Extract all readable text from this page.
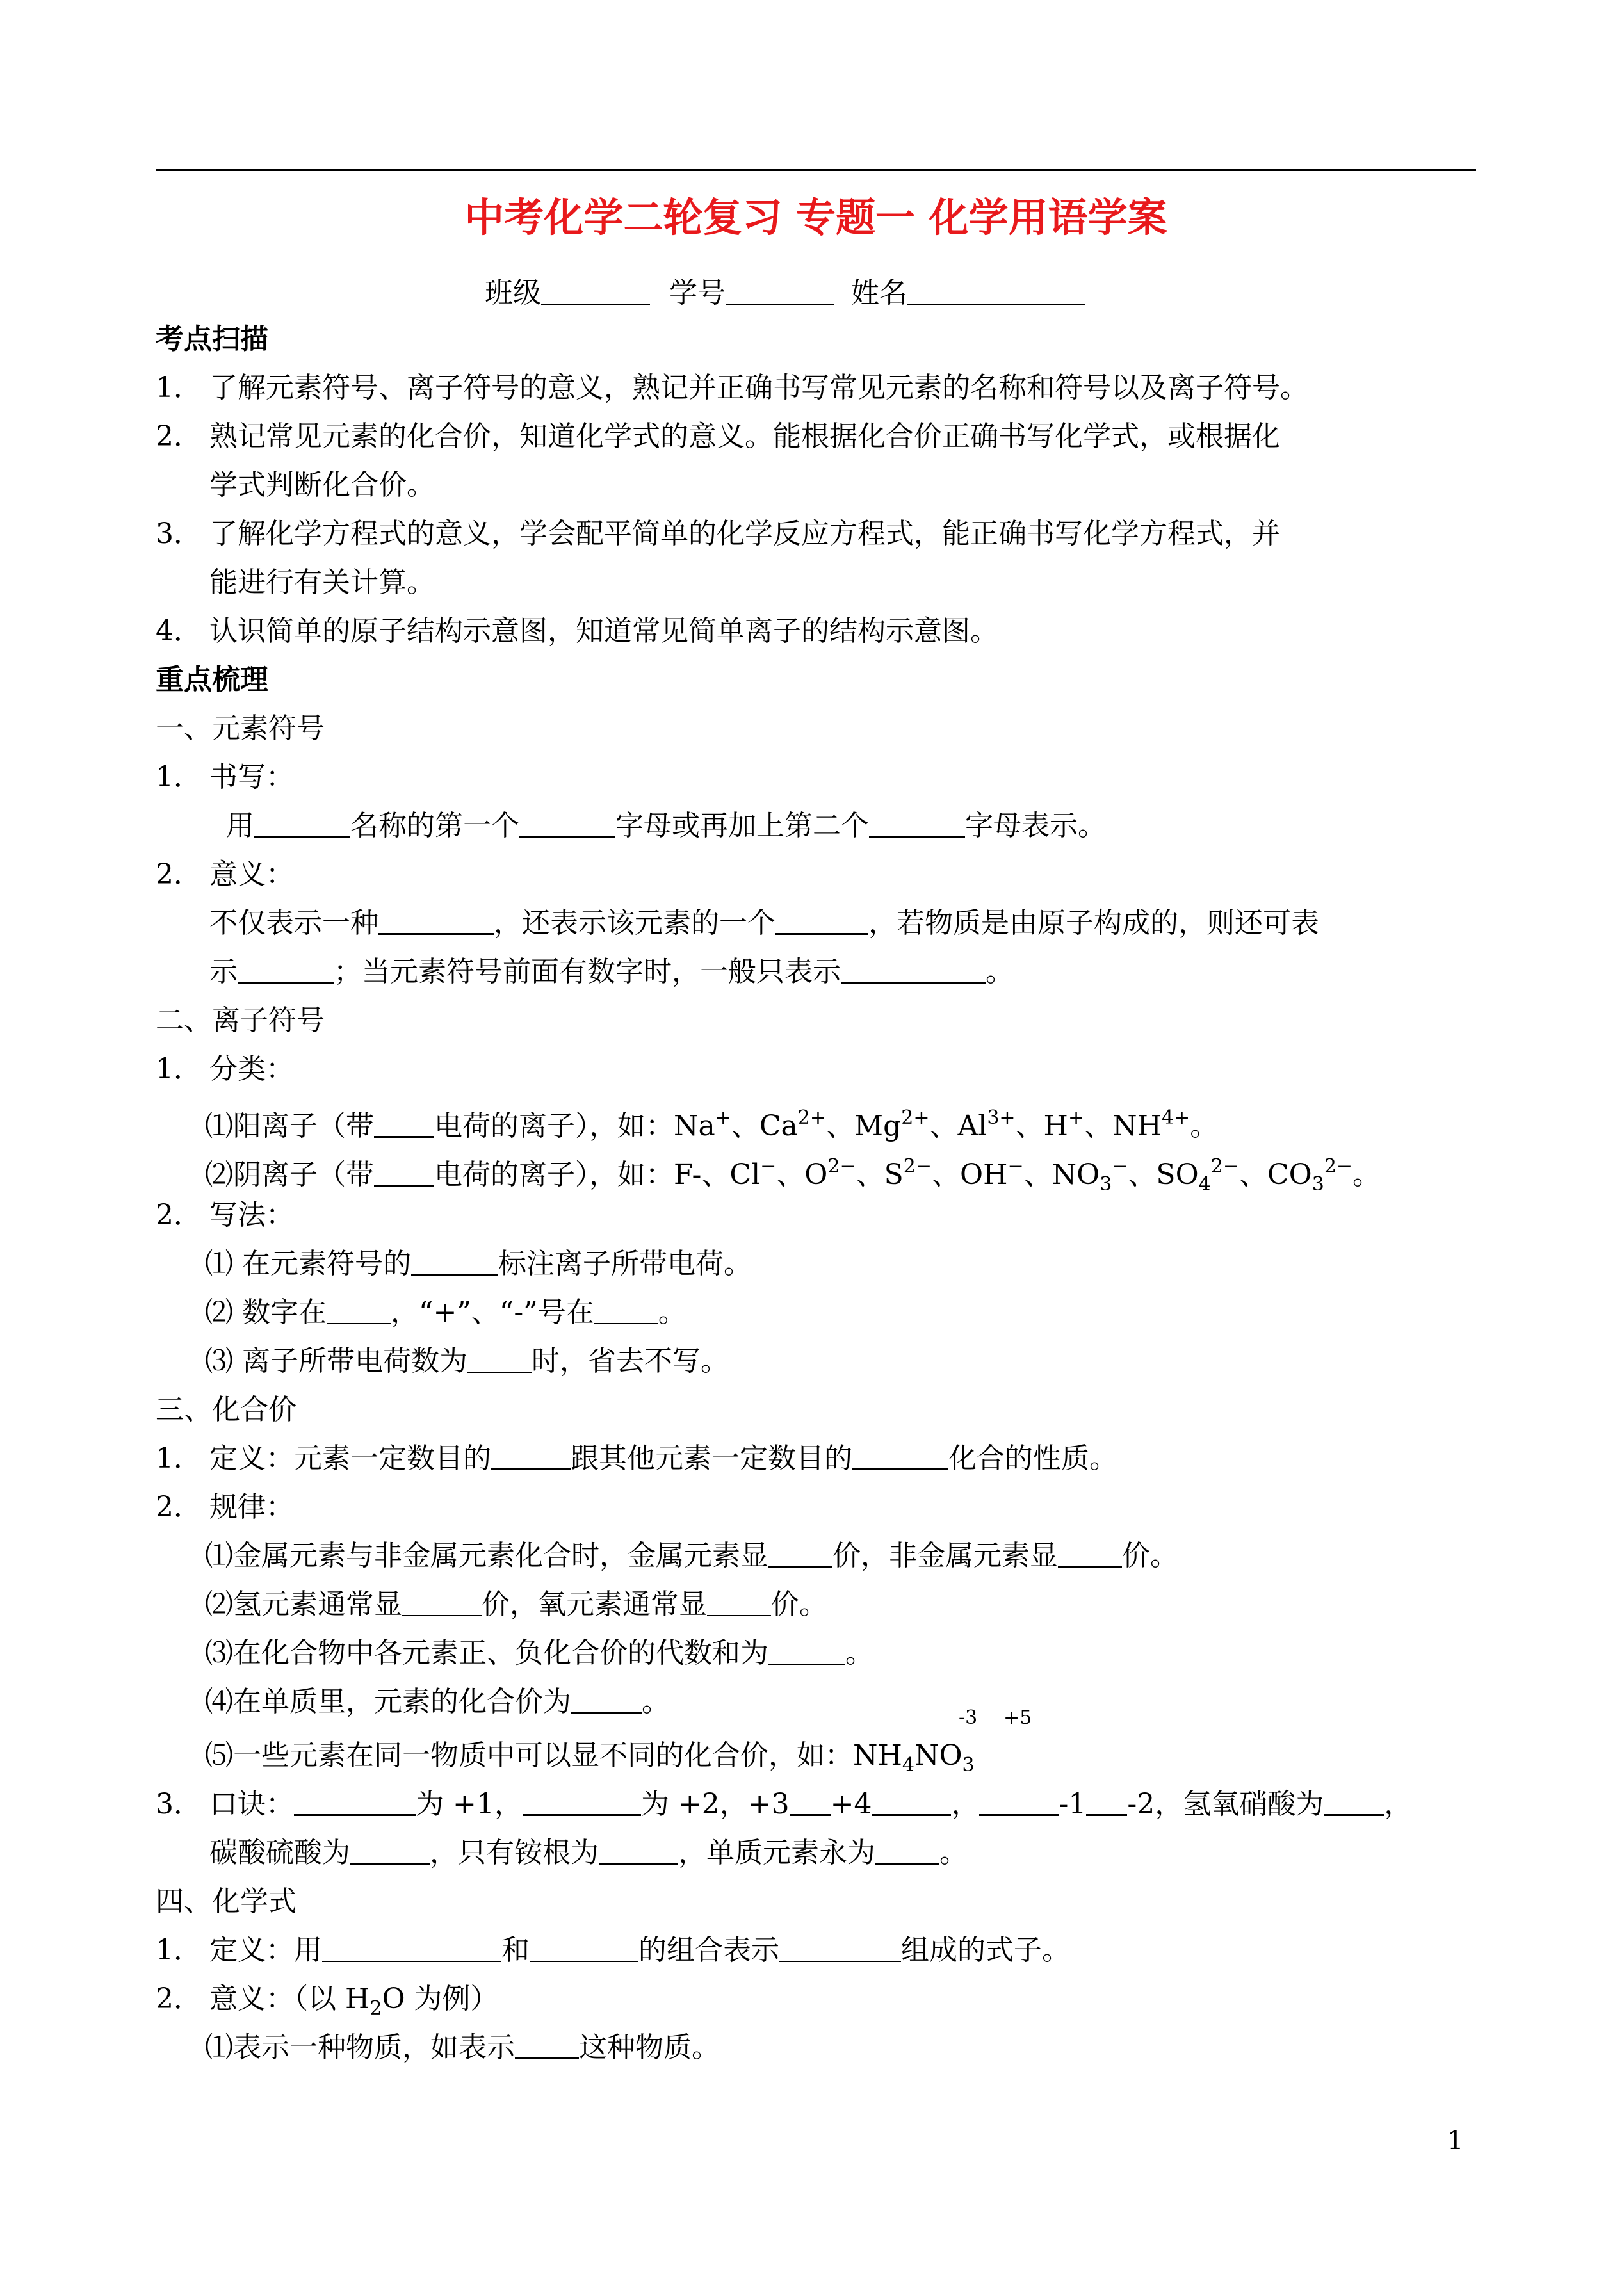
中考化学二轮复习 专题一 化学用语学案
班级	学号	姓名
考点扫描
1． 了解元素符号、离子符号的意义，熟记并正确书写常见元素的名称和符号以及离子符号。
2． 熟记常见元素的化合价，知道化学式的意义。能根据化合价正确书写化学式，或根据化
学式判断化合价。
3． 了解化学方程式的意义，学会配平简单的化学反应方程式，能正确书写化学方程式，并
能进行有关计算。
4． 认识简单的原子结构示意图，知道常见简单离子的结构示意图。
重点梳理
一、元素符号
1． 书写：
用	名称的第一个	字母或再加上第二个	字母表示。
2． 意义：
不仅表示一种	，还表示该元素的一个	，若物质是由原子构成的，则还可表
示	；当元素符号前面有数字时，一般只表示	。
二、离子符号
1． 分类：
⑴阳离子（带 电荷的离子），如：Na+、$Ca^{2+}$、$Mg^{2+}$、$Al^{3+}$、H+、$NH^{4+}$。
⑵阴离子（带 电荷的离子），如：F-、Cl−、$O^{2-}$、$S^{2-}$、OH−、$NO_3^-$、$SO_4^{2-}$、$CO_3^{2-}$。
2． 写法：
⑴ 在元素符号的	标注离子所带电荷。
⑵ 数字在 ，“+”、“-”号在 。
⑶ 离子所带电荷数为 时，省去不写。
三、化合价
1． 定义：元素一定数目的	跟其他元素一定数目的	化合的性质。
2． 规律：
⑴金属元素与非金属元素化合时，金属元素显 价，非金属元素显 价。
⑵氢元素通常显	价，氧元素通常显 价。
⑶在化合物中各元素正、负化合价的代数和为	。
⑷在单质里，元素的化合价为	。	-3 +5
⑸一些元素在同一物质中可以显不同的化合价，如：$NH_4NO_3$
3． 口诀：	为 +1，	为 +2，+3 +4	，	-1 -2，氢氧硝酸为 ，
碳酸硫酸为	，只有铵根为	，单质元素永为 。
四、化学式
1． 定义：用	和	的组合表示	组成的式子。
2． 意义：（以 $H_2O$ 为例）
⑴表示一种物质，如表示 这种物质。
1
